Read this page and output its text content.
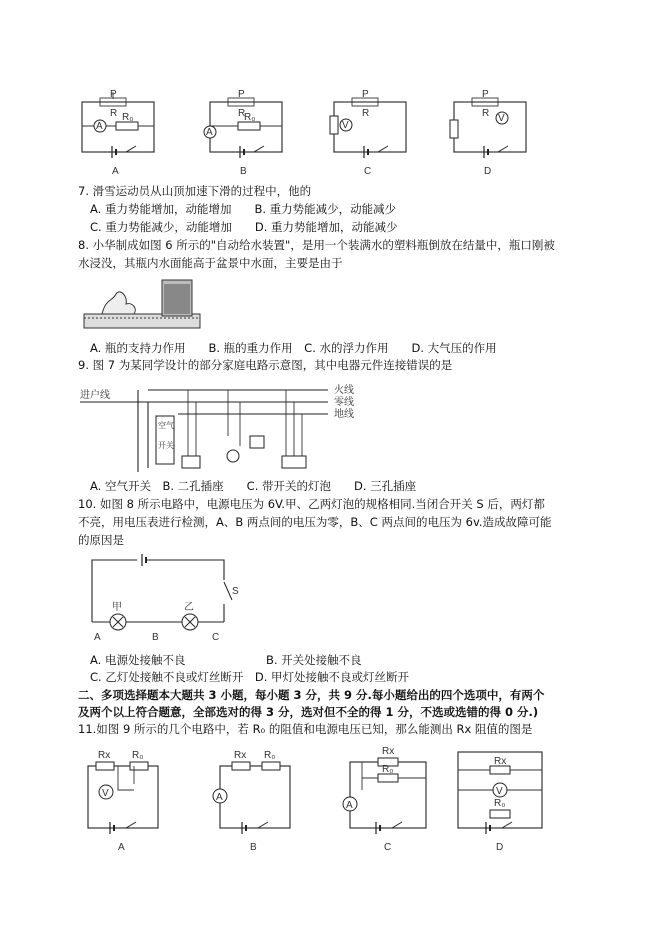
P
R
A
R₀
A
P
R
A
R₀
B
P
R
V
C
P
R V
D
7. 滑雪运动员从山顶加速下滑的过程中，他的
A. 重力势能增加，动能增加　　B. 重力势能减少，动能减少
C. 重力势能减少，动能增加　　D. 重力势能增加，动能减少
8. 小华制成如图 6 所示的"自动给水装置"，是用一个装满水的塑料瓶倒放在结量中，瓶口刚被
水浸没，其瓶内水面能高于盆景中水面，主要是由于
A. 瓶的支持力作用　　B. 瓶的重力作用　C. 水的浮力作用　　D. 大气压的作用
9. 图 7 为某同学设计的部分家庭电路示意图，其中电器元件连接错误的是
进户线	火线
零线
地线
空气
开关
A. 空气开关　B. 二孔插座　　C. 带开关的灯泡　　D. 三孔插座
10. 如图 8 所示电路中，电源电压为 6V.甲、乙两灯泡的规格相同.当闭合开关 S 后，两灯都
不亮，用电压表进行检测，A、B 两点间的电压为零，B、C 两点间的电压为 6v.造成故障可能
的原因是
S
甲	乙
A	B	C
A. 电源处接触不良　　　　　　　B. 开关处接触不良
C. 乙灯处接触不良或灯丝断开　D. 甲灯处接触不良或灯丝断开
二、多项选择题本大题共 3 小题，每小题 3 分，共 9 分.每小题给出的四个选项中，有两个
及两个以上符合题意，全部选对的得 3 分，选对但不全的得 1 分，不选或选错的得 0 分.)
11.如图 9 所示的几个电路中，若 R₀ 的阻值和电源电压已知，那么能测出 Rx 阻值的图是
Rx R₀
V
A
Rx R₀
A
B
Rx
R₀
A
C
Rx
V
R₀
D
